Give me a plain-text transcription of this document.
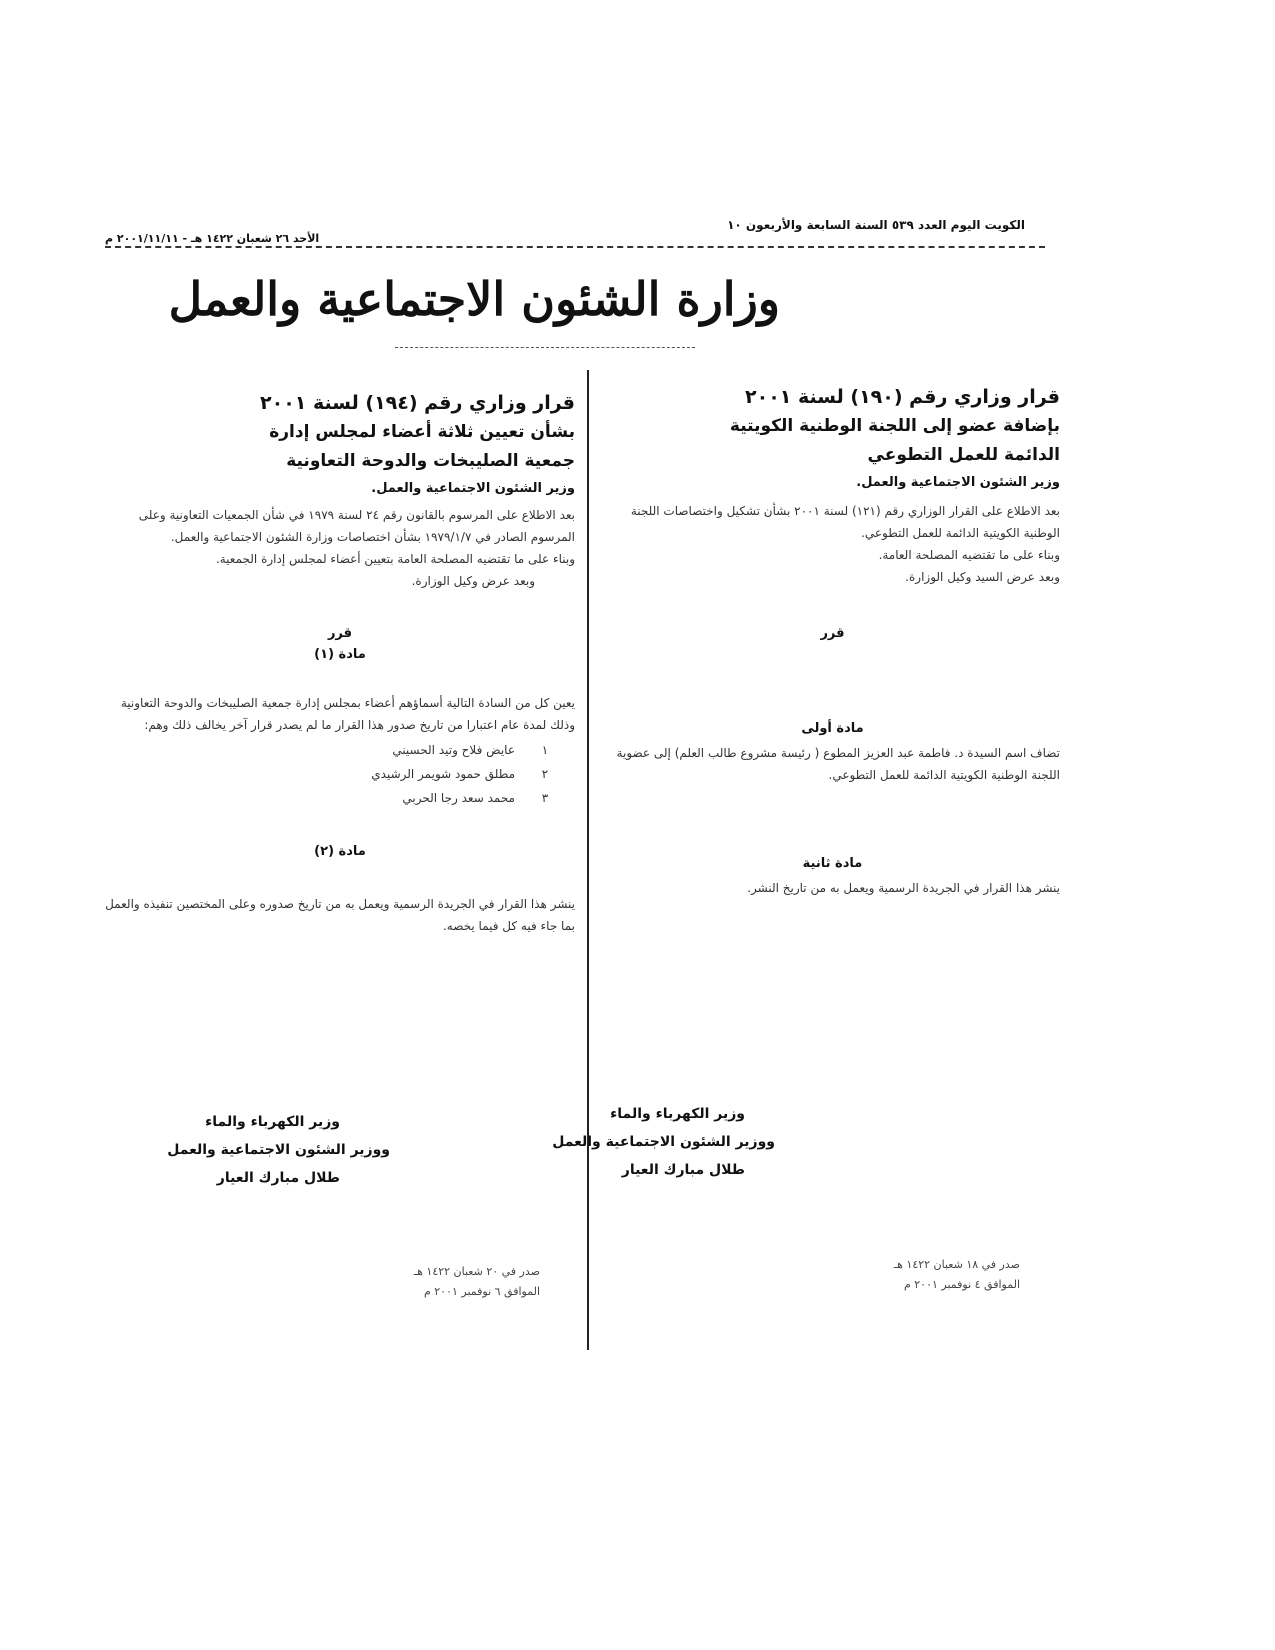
الكويت اليوم العدد ٥٣٩ السنة السابعة والأربعون ١٠
الأحد ٢٦ شعبان ١٤٢٢ هـ - ٢٠٠١/١١/١١ م
وزارة الشئون الاجتماعية والعمل
قرار وزاري رقم (١٩٠) لسنة ٢٠٠١
بإضافة عضو إلى اللجنة الوطنية الكويتية
الدائمة للعمل التطوعي
وزير الشئون الاجتماعية والعمل.
بعد الاطلاع على القرار الوزاري رقم (١٢١) لسنة ٢٠٠١ بشأن تشكيل واختصاصات اللجنة الوطنية الكويتية الدائمة للعمل التطوعي.
وبناء على ما تقتضيه المصلحة العامة.
وبعد عرض السيد وكيل الوزارة.
قرر
مادة أولى
تضاف اسم السيدة د. فاطمة عبد العزيز المطوع ( رئيسة مشروع طالب العلم) إلى عضوية اللجنة الوطنية الكويتية الدائمة للعمل التطوعي.
مادة ثانية
ينشر هذا القرار في الجريدة الرسمية ويعمل به من تاريخ النشر.
وزير الكهرباء والماء
ووزير الشئون الاجتماعية والعمل
طلال مبارك العيار
صدر في ١٨ شعبان ١٤٢٢ هـ
الموافق ٤ نوفمبر ٢٠٠١ م
قرار وزاري رقم (١٩٤) لسنة ٢٠٠١
بشأن تعيين ثلاثة أعضاء لمجلس إدارة
جمعية الصليبخات والدوحة التعاونية
وزير الشئون الاجتماعية والعمل.
بعد الاطلاع على المرسوم بالقانون رقم ٢٤ لسنة ١٩٧٩ في شأن الجمعيات التعاونية وعلى المرسوم الصادر في ١٩٧٩/١/٧ بشأن اختصاصات وزارة الشئون الاجتماعية والعمل.
وبناء على ما تقتضيه المصلحة العامة بتعيين أعضاء لمجلس إدارة الجمعية.
وبعد عرض وكيل الوزارة.
قرر
مادة (١)
يعين كل من السادة التالية أسماؤهم أعضاء بمجلس إدارة جمعية الصليبخات والدوحة التعاونية وذلك لمدة عام اعتبارا من تاريخ صدور هذا القرار ما لم يصدر قرار آخر يخالف ذلك وهم:
١عايض فلاح وتيد الحسيني
٢مطلق حمود شويمر الرشيدي
٣محمد سعد رجا الحربي
مادة (٢)
ينشر هذا القرار في الجريدة الرسمية ويعمل به من تاريخ صدوره وعلى المختصين تنفيذه والعمل بما جاء فيه كل فيما يخصه.
وزير الكهرباء والماء
ووزير الشئون الاجتماعية والعمل
طلال مبارك العيار
صدر في ٢٠ شعبان ١٤٢٢ هـ
الموافق ٦ نوفمبر ٢٠٠١ م
